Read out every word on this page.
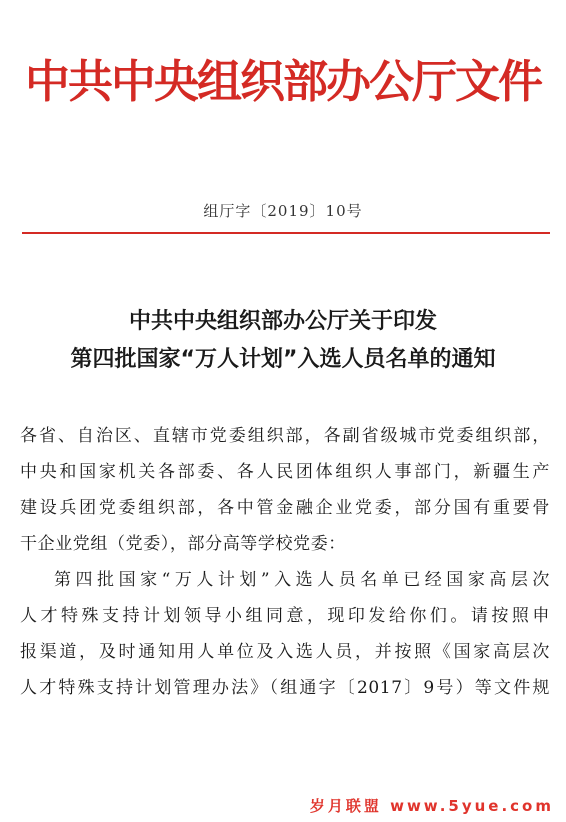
中共中央组织部办公厅文件
组厅字〔2019〕10号
中共中央组织部办公厅关于印发
第四批国家“万人计划”入选人员名单的通知
各省、自治区、直辖市党委组织部，各副省级城市党委组织部，
中央和国家机关各部委、各人民团体组织人事部门，新疆生产
建设兵团党委组织部，各中管金融企业党委，部分国有重要骨
干企业党组（党委），部分高等学校党委：
第四批国家“万人计划”入选人员名单已经国家高层次
人才特殊支持计划领导小组同意，现印发给你们。请按照申
报渠道，及时通知用人单位及入选人员，并按照《国家高层次
人才特殊支持计划管理办法》（组通字〔2017〕9号）等文件规
岁月联盟 www.5yue.com
